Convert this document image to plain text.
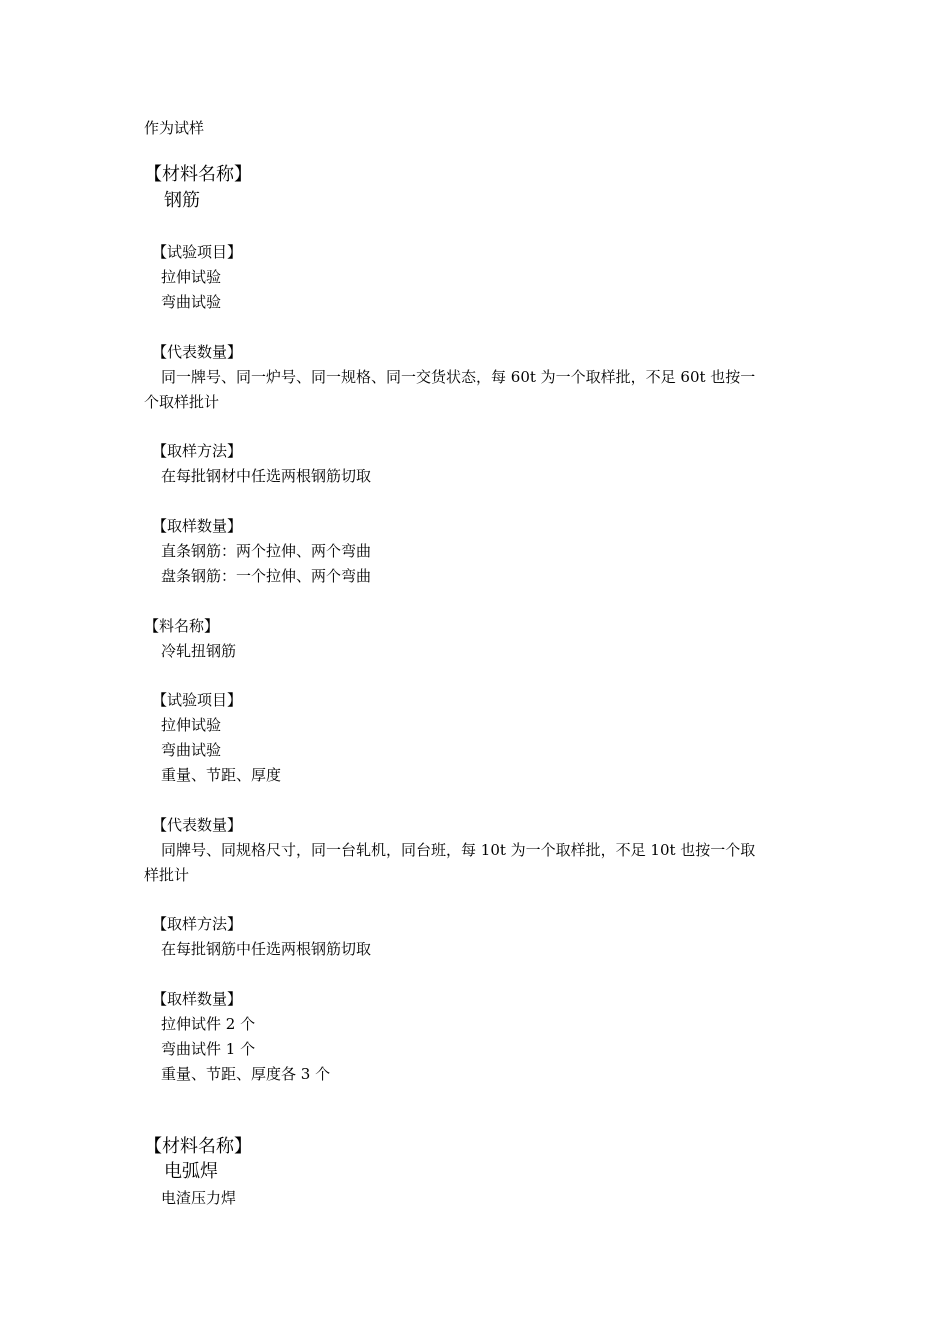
作为试样
【材料名称】
钢筋
【试验项目】
拉伸试验
弯曲试验
【代表数量】
同一牌号、同一炉号、同一规格、同一交货状态，每 60t 为一个取样批，不足 60t 也按一
个取样批计
【取样方法】
在每批钢材中任选两根钢筋切取
【取样数量】
直条钢筋：两个拉伸、两个弯曲
盘条钢筋：一个拉伸、两个弯曲
【料名称】
冷轧扭钢筋
【试验项目】
拉伸试验
弯曲试验
重量、节距、厚度
【代表数量】
同牌号、同规格尺寸，同一台轧机，同台班，每 10t 为一个取样批，不足 10t 也按一个取
样批计
【取样方法】
在每批钢筋中任选两根钢筋切取
【取样数量】
拉伸试件 2 个
弯曲试件 1 个
重量、节距、厚度各 3 个
【材料名称】
电弧焊
电渣压力焊
